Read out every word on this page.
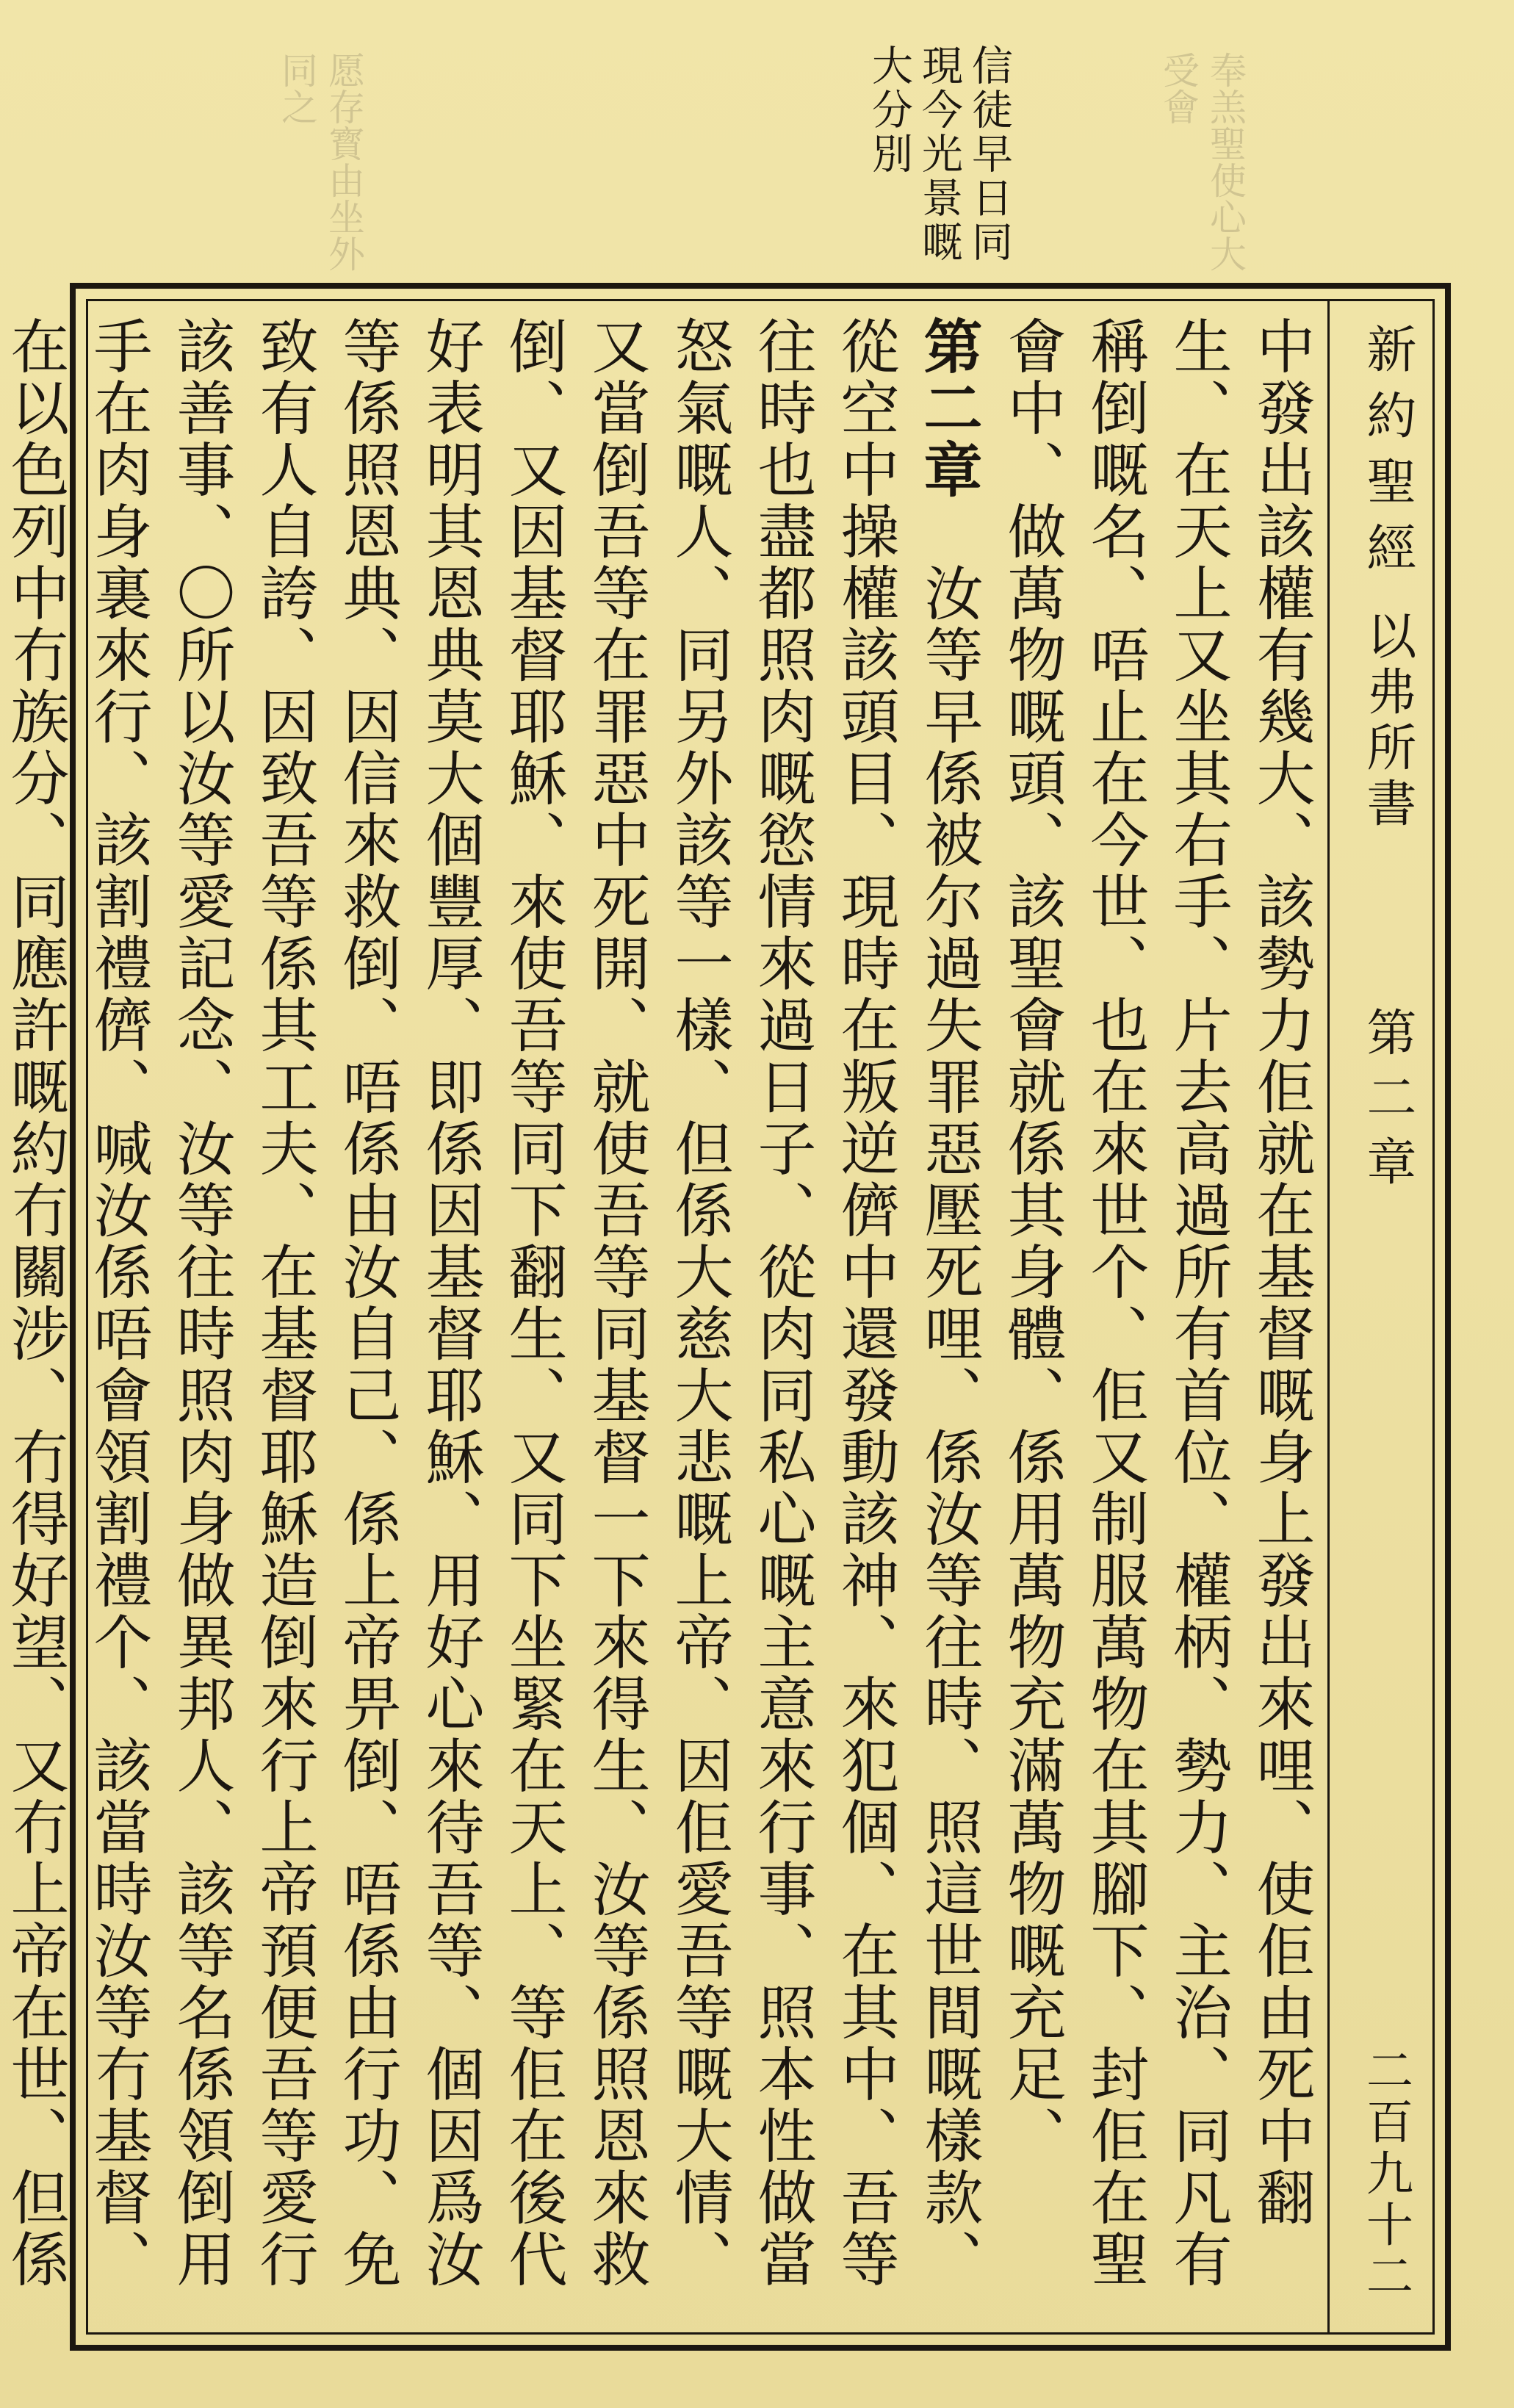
愿存寳由坐外同之	奉羔聖使心大受會
信徒早日同
現今光景嘅
大分別
新約聖經
以弗所書
第二章
二百九十二

中發出該權有幾大、該勢力佢就在基督嘅身上發出來哩、使佢由死中翻生、在天上又坐其右手、片去高過所有首位、權柄、勢力、主治、同凡有稱倒嘅名、唔止在今世、也在來世个、佢又制服萬物在其腳下、封佢在聖會中、做萬物嘅頭、該聖會就係其身體、係用萬物充滿萬物嘅充足、

第二章　汝等早係被尔過失罪惡壓死哩、係汝等往時、照這世間嘅樣款、從空中操權該頭目、現時在叛逆儕中還發動該神、來犯個、在其中、吾等往時也盡都照肉嘅慾情來過日子、從肉同私心嘅主意來行事、照本性做當怒氣嘅人、同另外該等一樣、但係大慈大悲嘅上帝、因佢愛吾等嘅大情、又當倒吾等在罪惡中死開、就使吾等同基督一下來得生、汝等係照恩來救倒、又因基督耶穌、來使吾等同下翻生、又同下坐緊在天上、等佢在後代好表明其恩典莫大個豐厚、即係因基督耶穌、用好心來待吾等、個因爲汝等係照恩典、因信來救倒、唔係由汝自己、係上帝畀倒、唔係由行功、免致有人自誇、因致吾等係其工夫、在基督耶穌造倒來行上帝預便吾等愛行該善事、〇所以汝等愛記念、汝等往時照肉身做異邦人、該等名係領倒用手在肉身裏來行、該割禮儕、喊汝係唔會領割禮个、該當時汝等冇基督、在以色列中冇族分、同應許嘅約冇關涉、冇得好望、又冇上帝在世、但係
